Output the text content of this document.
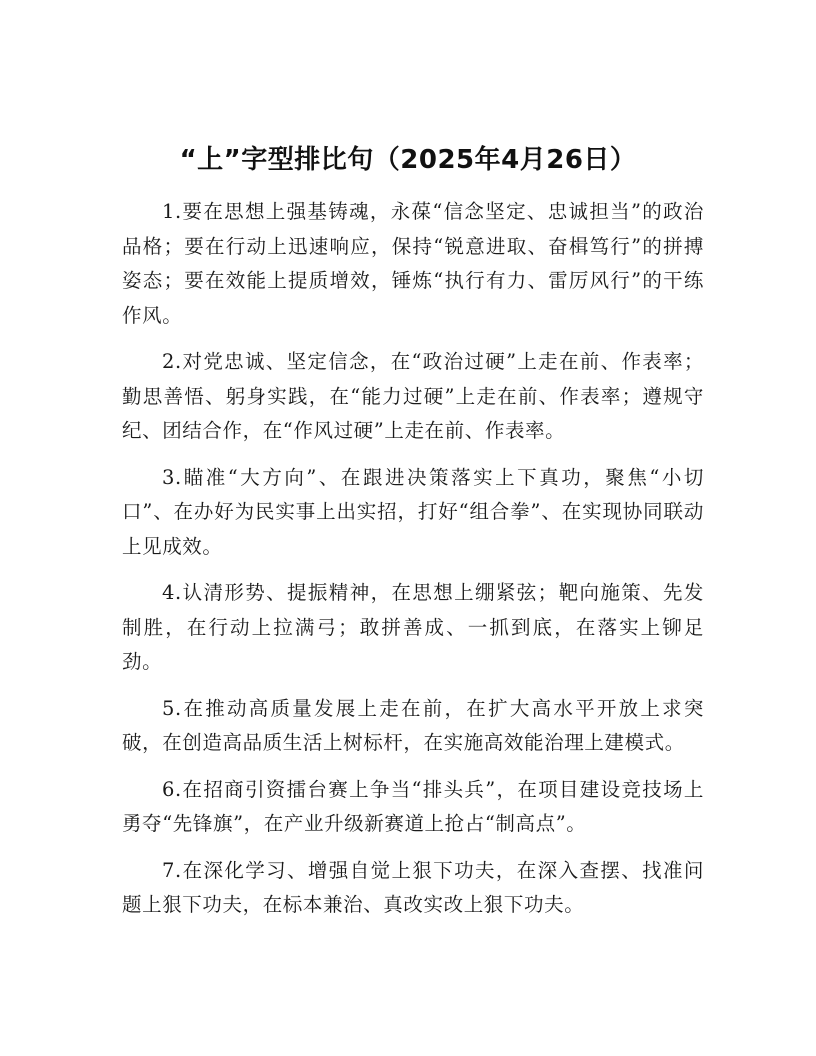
“上”字型排比句（2025年4月26日）

1.要在思想上强基铸魂，永葆“信念坚定、忠诚担当”的政治品格；要在行动上迅速响应，保持“锐意进取、奋楫笃行”的拼搏姿态；要在效能上提质增效，锤炼“执行有力、雷厉风行”的干练作风。

2.对党忠诚、坚定信念，在“政治过硬”上走在前、作表率；勤思善悟、躬身实践，在“能力过硬”上走在前、作表率；遵规守纪、团结合作，在“作风过硬”上走在前、作表率。

3.瞄准“大方向”、在跟进决策落实上下真功，聚焦“小切口”、在办好为民实事上出实招，打好“组合拳”、在实现协同联动上见成效。

4.认清形势、提振精神，在思想上绷紧弦；靶向施策、先发制胜，在行动上拉满弓；敢拼善成、一抓到底，在落实上铆足劲。

5.在推动高质量发展上走在前，在扩大高水平开放上求突破，在创造高品质生活上树标杆，在实施高效能治理上建模式。

6.在招商引资擂台赛上争当“排头兵”，在项目建设竞技场上勇夺“先锋旗”，在产业升级新赛道上抢占“制高点”。

7.在深化学习、增强自觉上狠下功夫，在深入查摆、找准问题上狠下功夫，在标本兼治、真改实改上狠下功夫。
